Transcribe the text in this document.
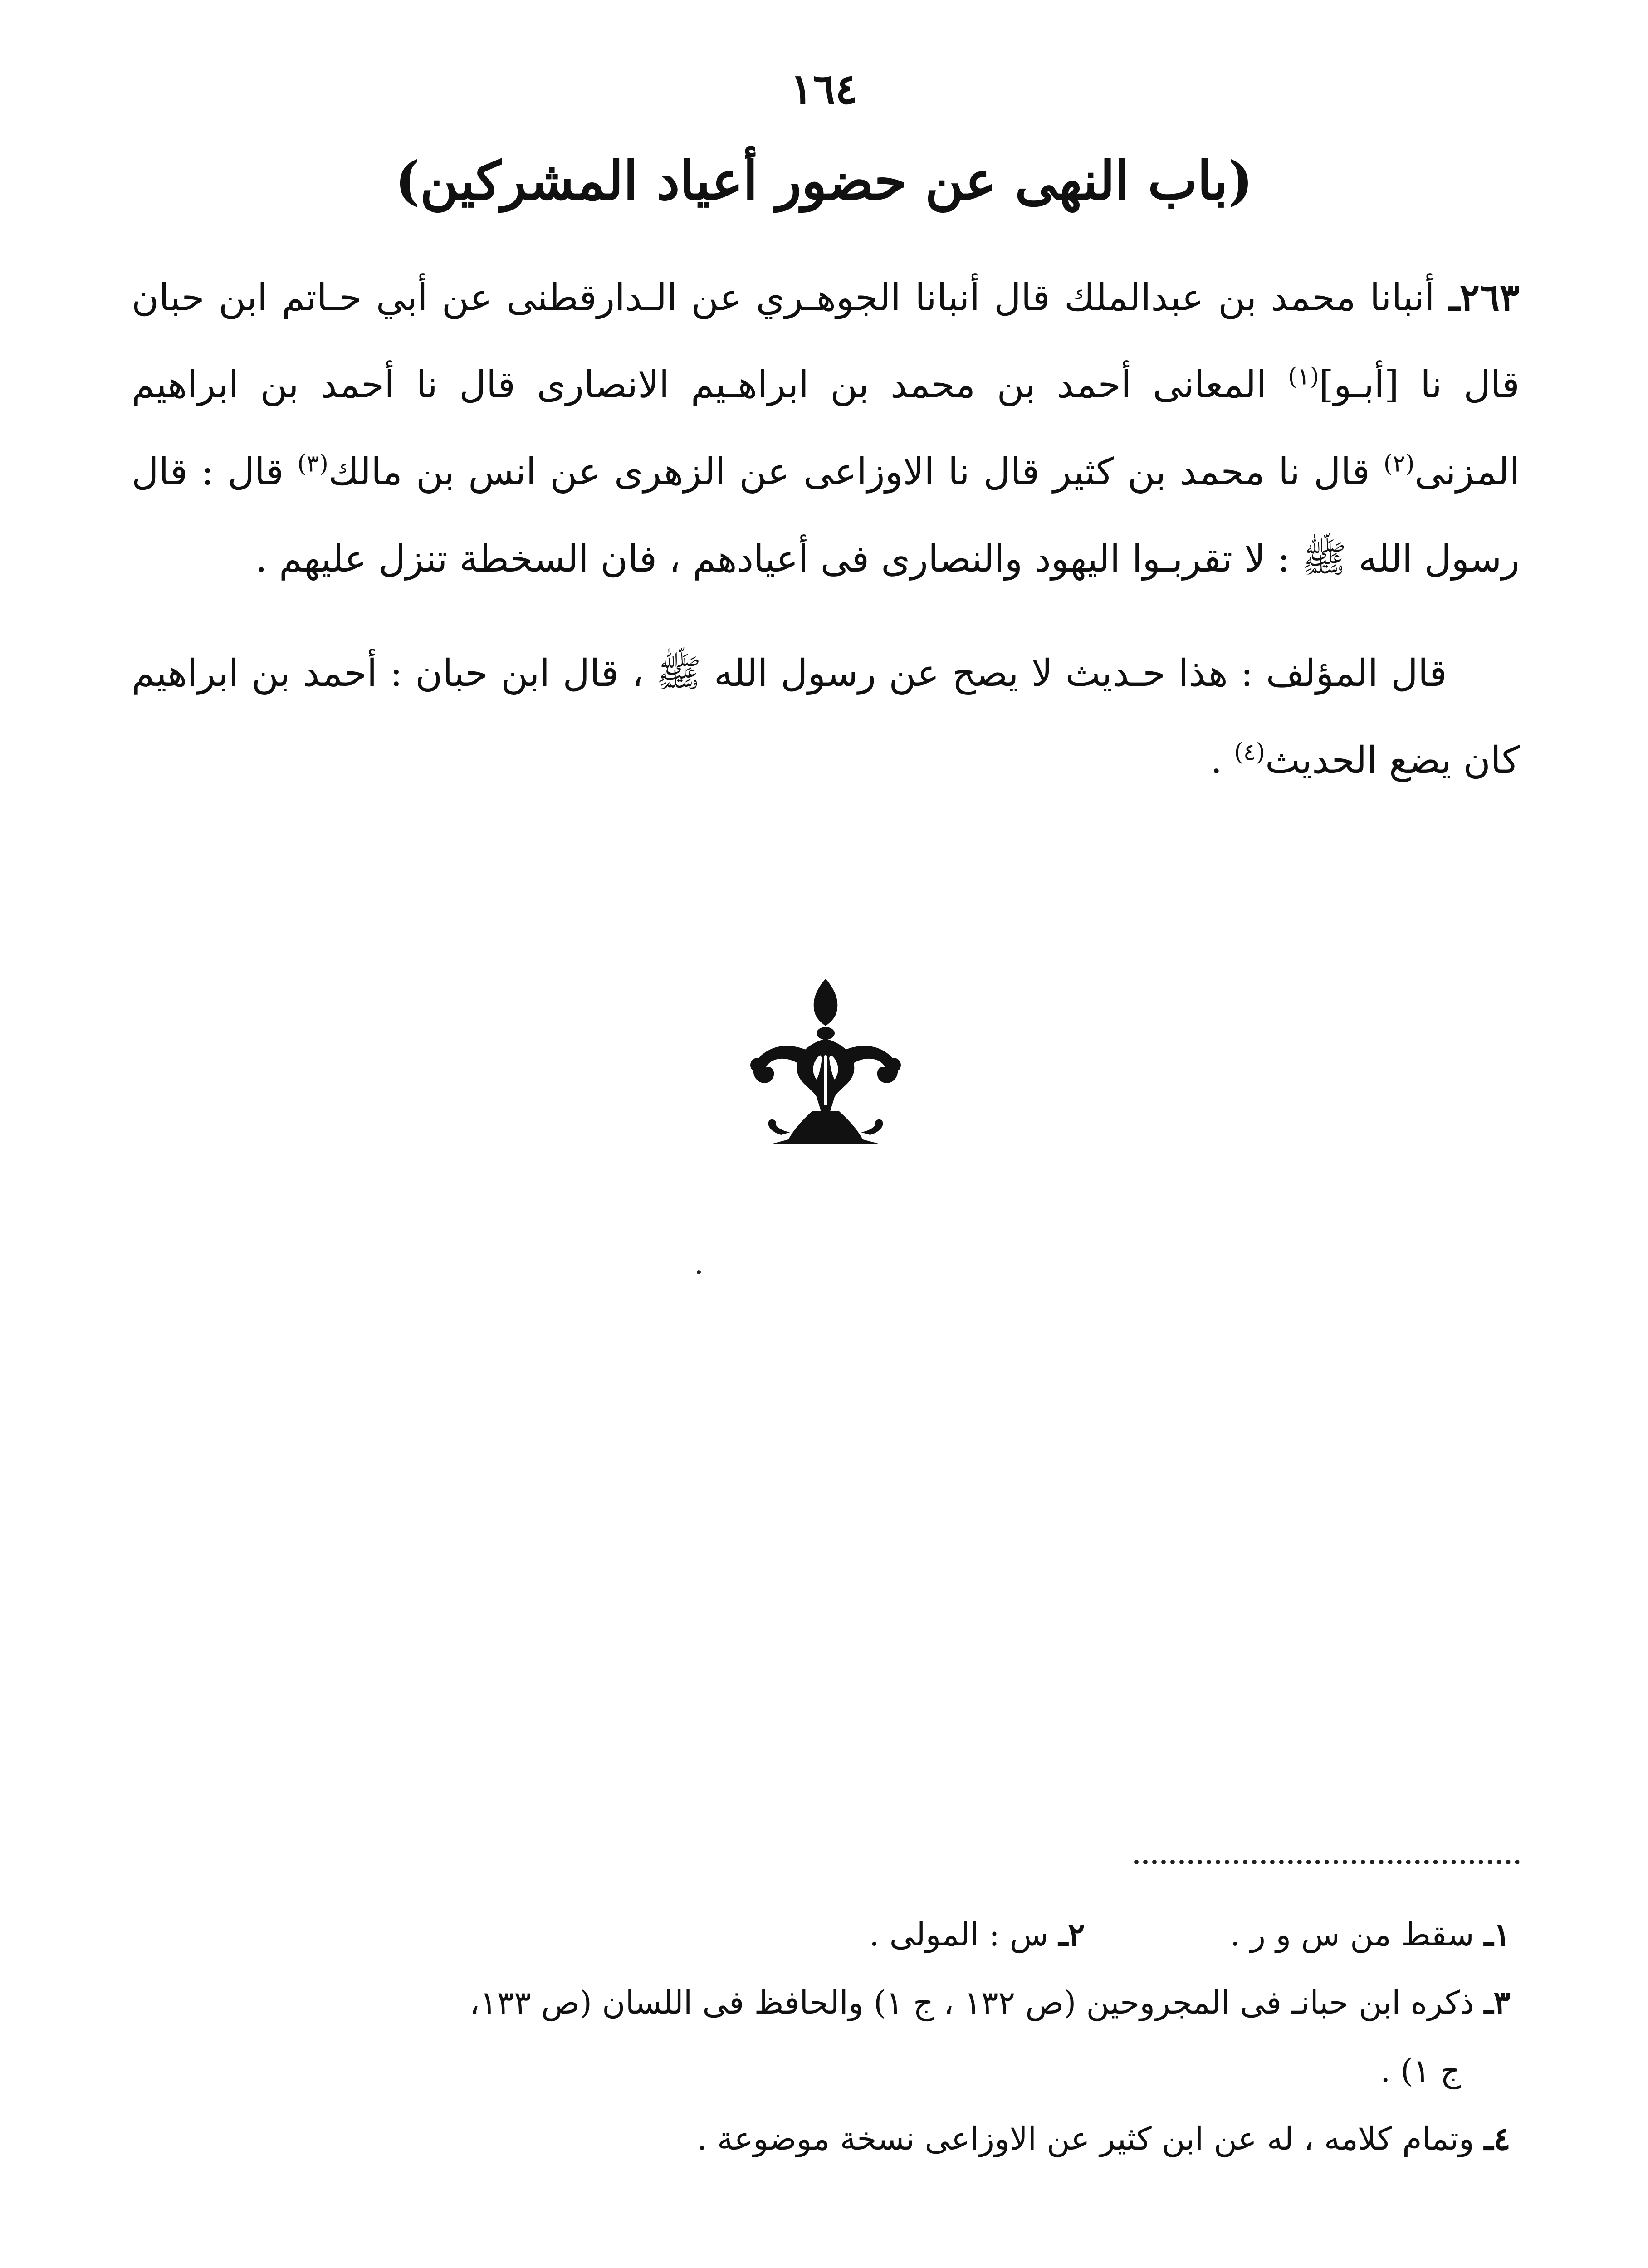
١٦٤
(باب النهى عن حضور أعياد المشركين)

٢٦٣ـ أنبانا محمد بن عبدالملك قال أنبانا الجوهـري عن الـدارقطنى عن أبي حـاتم ابن حبان قال نا [أبـو]$^{(١)}$ المعانى أحمد بن محمد بن ابراهـيم الانصارى قال نا أحمد بن ابراهيم المزنى$^{(٢)}$ قال نا محمد بن كثير قال نا الاوزاعى عن الزهرى عن انس بن مالك$^{(٣)}$ قال : قال رسول الله ﷺ : لا تقربـوا اليهود والنصارى فى أعيادهم ، فان السخطة تنزل عليهم .

قال المؤلف : هذا حـديث لا يصح عن رسول الله ﷺ ، قال ابن حبان : أحمد بن ابراهيم كان يضع الحديث$^{(٤)}$ .

١ـ سقط من س و ر .

٢ـ س : المولى .

٣ـ ذكره ابن حبانـ فى المجروحين (ص ١٣٢ ، ج ١) والحافظ فى اللسان (ص ١٣٣،

ج ١) .

٤ـ وتمام كلامه ، له عن ابن كثير عن الاوزاعى نسخة موضوعة .
